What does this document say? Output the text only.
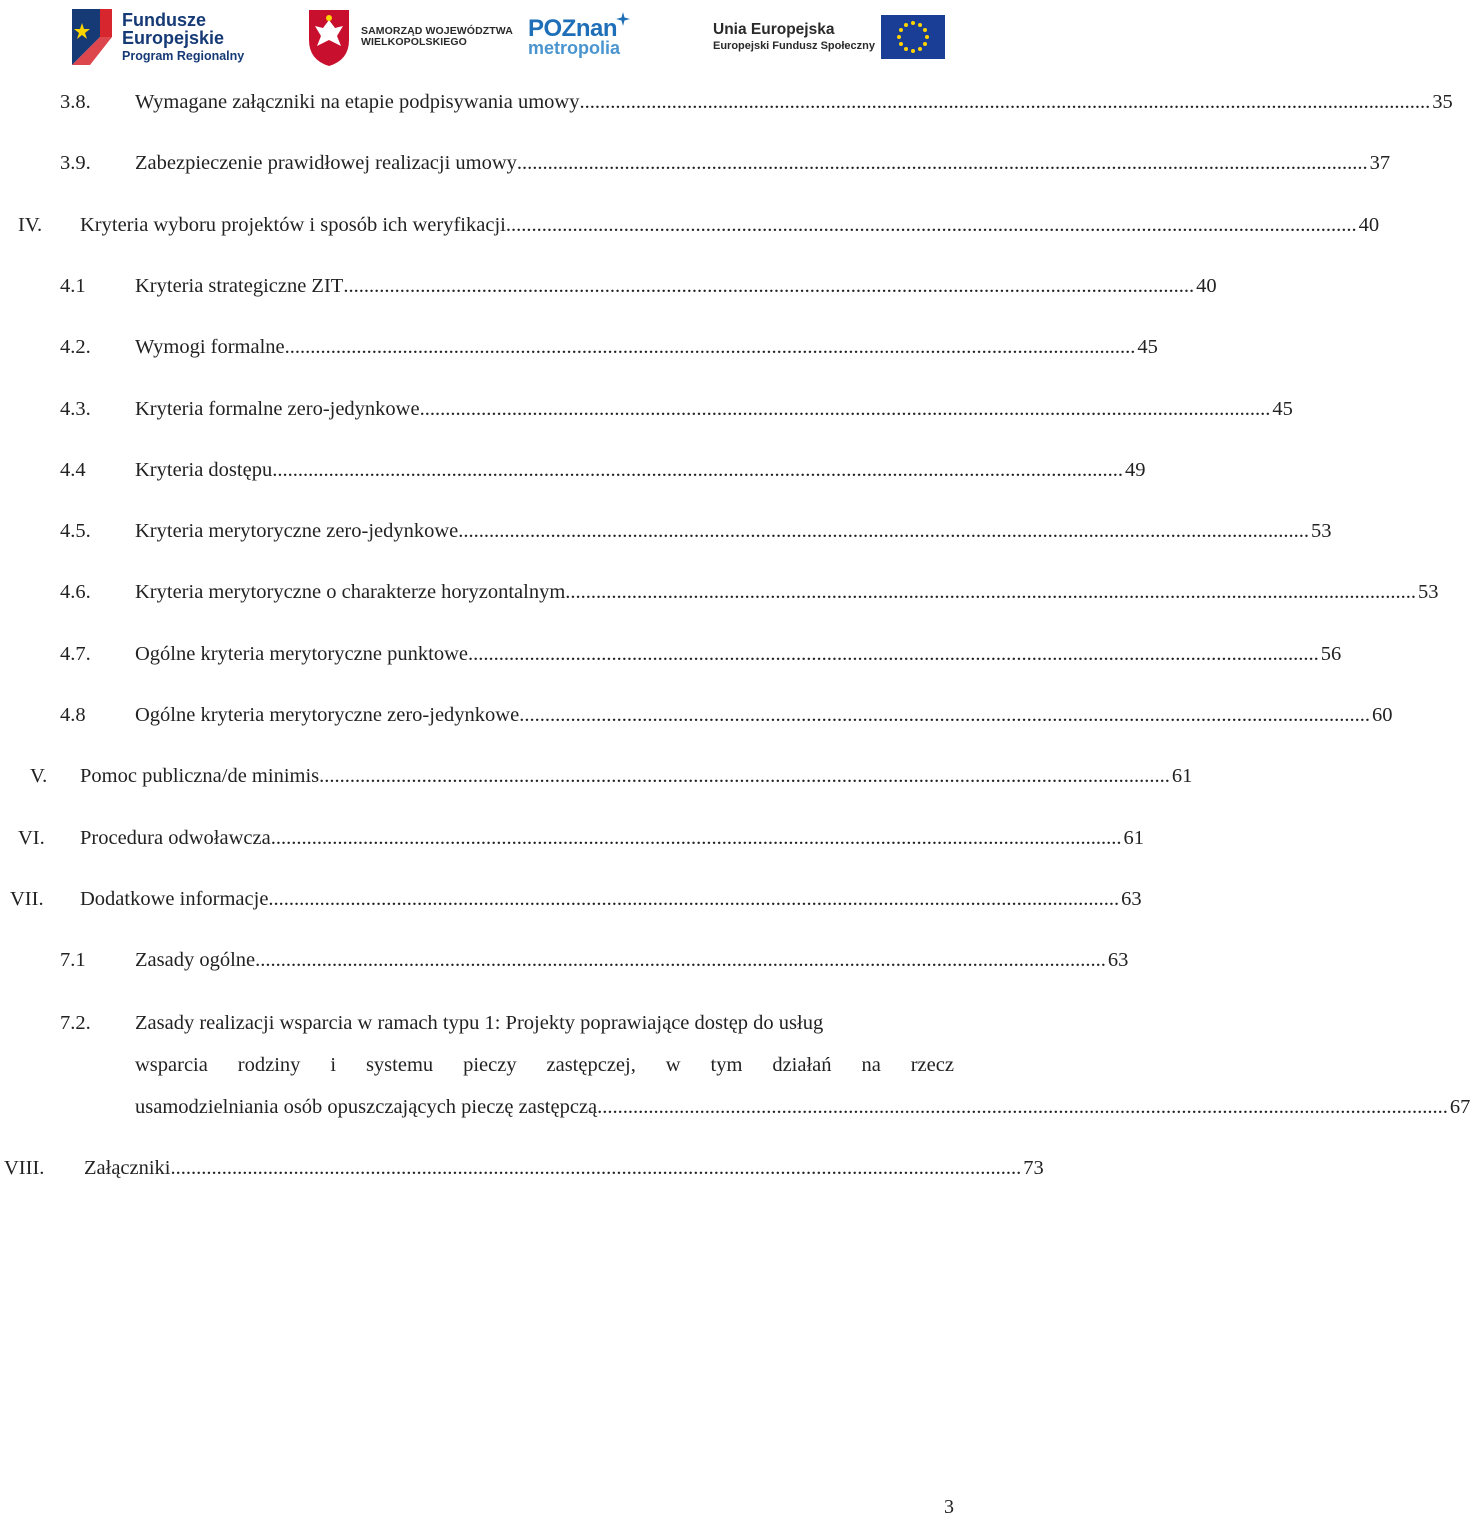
Fundusze
Europejskie
Program Regionalny
SAMORZĄD WOJEWÓDZTWA
WIELKOPOLSKIEGO
POZnan
metropolia
Unia Europejska
Europejski Fundusz Społeczny
3.8. Wymagane załączniki na etapie podpisywania umowy ...................................................................................................................................................................... 35
3.9. Zabezpieczenie prawidłowej realizacji umowy ...................................................................................................................................................................... 37
IV. Kryteria wyboru projektów i sposób ich weryfikacji ...................................................................................................................................................................... 40
4.1 Kryteria strategiczne ZIT ...................................................................................................................................................................... 40
4.2. Wymogi formalne ...................................................................................................................................................................... 45
4.3. Kryteria formalne zero-jedynkowe ...................................................................................................................................................................... 45
4.4 Kryteria dostępu ...................................................................................................................................................................... 49
4.5. Kryteria merytoryczne zero-jedynkowe ...................................................................................................................................................................... 53
4.6. Kryteria merytoryczne o charakterze horyzontalnym ...................................................................................................................................................................... 53
4.7. Ogólne kryteria merytoryczne punktowe ...................................................................................................................................................................... 56
4.8 Ogólne kryteria merytoryczne zero-jedynkowe ...................................................................................................................................................................... 60
V. Pomoc publiczna/de minimis ...................................................................................................................................................................... 61
VI. Procedura odwoławcza ...................................................................................................................................................................... 61
VII. Dodatkowe informacje ...................................................................................................................................................................... 63
7.1 Zasady ogólne ...................................................................................................................................................................... 63
7.2. Zasady realizacji wsparcia w ramach typu 1: Projekty poprawiające dostęp do usług
wsparcia rodziny i systemu pieczy zastępczej, w tym działań na rzecz
usamodzielniania osób opuszczających pieczę zastępczą ...................................................................................................................................................................... 67
VIII. Załączniki ...................................................................................................................................................................... 73
3
